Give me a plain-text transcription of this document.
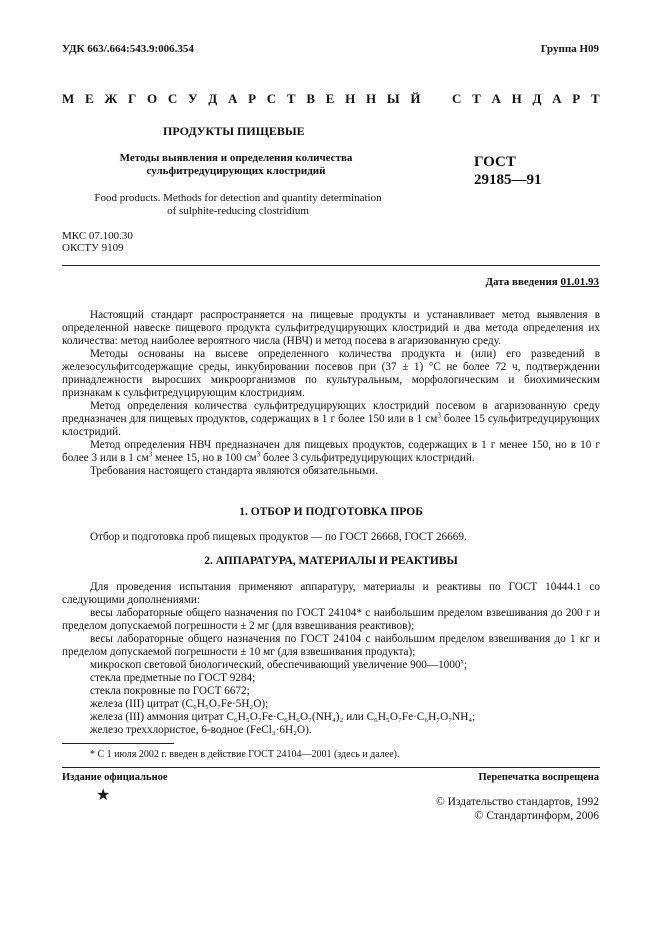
УДК 663/.664:543.9:006.354	Группа Н09
М Е Ж Г О С У Д А Р С Т В Е Н Н Ы Й С Т А Н Д А Р Т
ПРОДУКТЫ ПИЩЕВЫЕ
Методы выявления и определения количества
сульфитредуцирующих клостридий
Food products. Methods for detection and quantity determination
of sulphite-reducing clostridium
ГОСТ
29185—91
МКС 07.100.30
ОКСТУ 9109
Дата введения 01.01.93

Настоящий стандарт распространяется на пищевые продукты и устанавливает метод выявления в определенной навеске пищевого продукта сульфитредуцирующих клостридий и два метода определения их количества: метод наиболее вероятного числа (НВЧ) и метод посева в агаризованную среду.

Методы основаны на высеве определенного количества продукта и (или) его разведений в железосульфитсодержащие среды, инкубировании посевов при (37 ± 1) °С не более 72 ч, подтверждении принадлежности выросших микроорганизмов по культуральным, морфологическим и биохимическим признакам к сульфитредуцирующим клостридиям.

Метод определения количества сульфитредуцирующих клостридий посевом в агаризованную среду предназначен для пищевых продуктов, содержащих в 1 г более 150 или в 1 $см^3$ более 15 сульфитредуцирующих клостридий.

Метод определения НВЧ предназначен для пищевых продуктов, содержащих в 1 г менее 150, но в 10 г более 3 или в 1 $см^3$ менее 15, но в 100 $см^3$ более 3 сульфитредуцирующих клостридий.

Требования настоящего стандарта являются обязательными.

1. ОТБОР И ПОДГОТОВКА ПРОБ

Отбор и подготовка проб пищевых продуктов — по ГОСТ 26668, ГОСТ 26669.

2. АППАРАТУРА, МАТЕРИАЛЫ И РЕАКТИВЫ

Для проведения испытания применяют аппаратуру, материалы и реактивы по ГОСТ 10444.1 со следующими дополнениями:

весы лабораторные общего назначения по ГОСТ 24104* с наибольшим пределом взвешивания до 200 г и пределом допускаемой погрешности ± 2 мг (для взвешивания реактивов);

весы лабораторные общего назначения по ГОСТ 24104 с наибольшим пределом взвешивания до 1 кг и пределом допускаемой погрешности ± 10 мг (для взвешивания продукта);

микроскоп световой биологический, обеспечивающий увеличение 900—1000$^x$;

стекла предметные по ГОСТ 9284;

стекла покровные по ГОСТ 6672;

железа (III) цитрат (C₆H₅O₇Fe·5H₂O);

железа (III) аммония цитрат C₆H₅O₇Fe·C₆H₆O₇(NH₄)₂ или C₆H₅O₇Fe·C₆H₇O₇NH₄;

железо треххлористое, 6-водное (FeCl₃·6H₂O).

* С 1 июля 2002 г. введен в действие ГОСТ 24104—2001 (здесь и далее).
Издание официальное	Перепечатка воспрещена
★	© Издательство стандартов, 1992
© Стандартинформ, 2006
